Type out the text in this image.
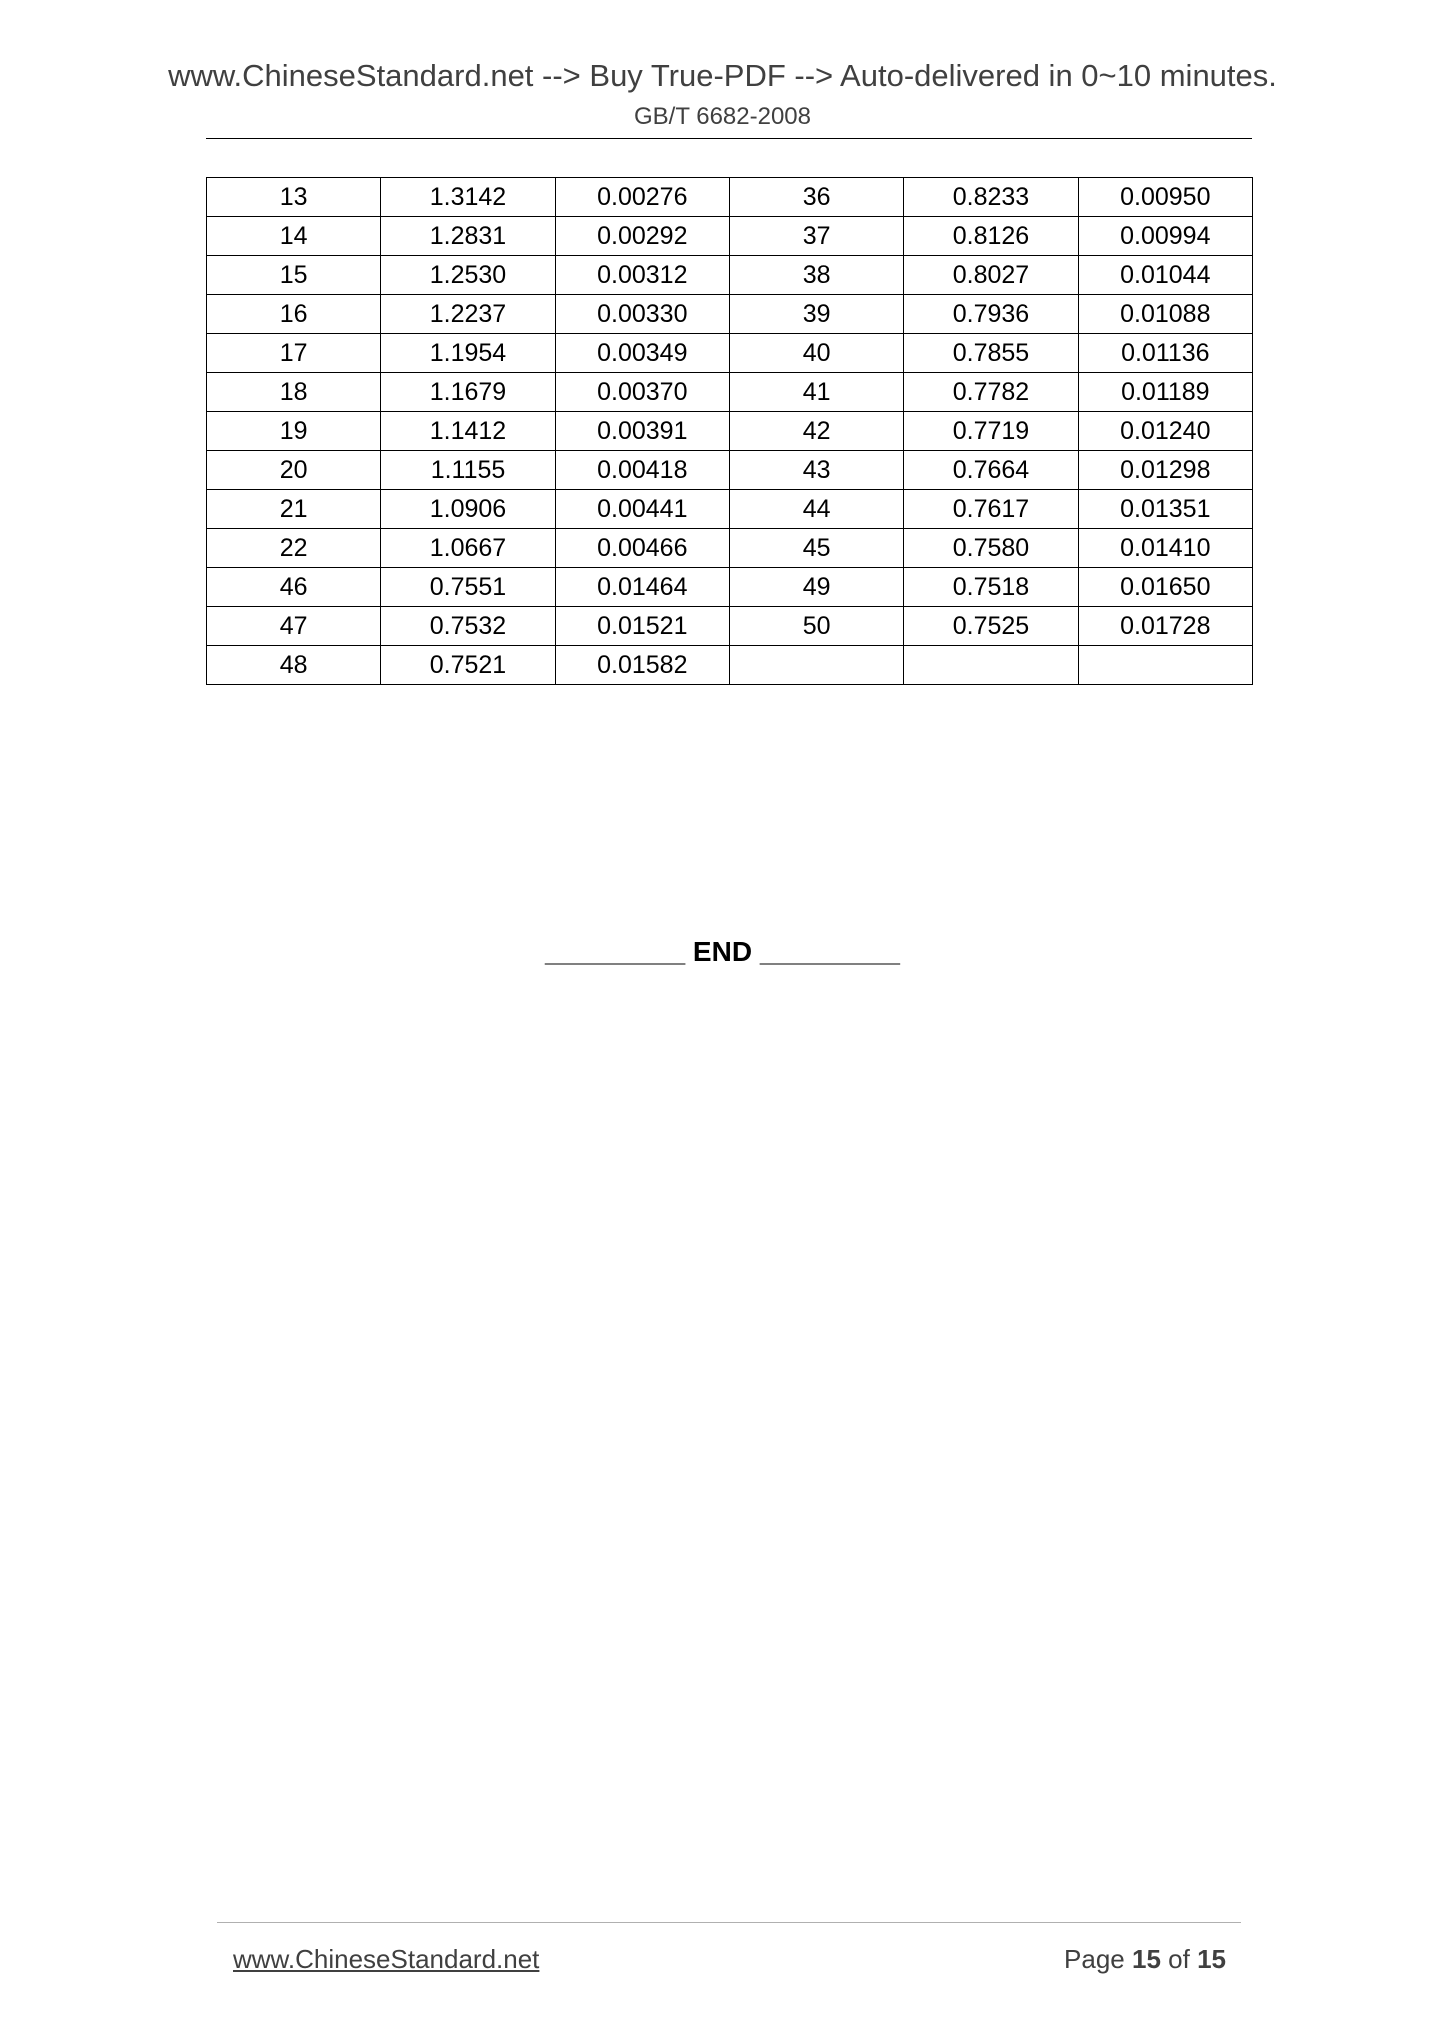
www.ChineseStandard.net --> Buy True-PDF --> Auto-delivered in 0~10 minutes.
GB/T 6682-2008
13	1.3142	0.00276	36	0.8233	0.00950
14	1.2831	0.00292	37	0.8126	0.00994
15	1.2530	0.00312	38	0.8027	0.01044
16	1.2237	0.00330	39	0.7936	0.01088
17	1.1954	0.00349	40	0.7855	0.01136
18	1.1679	0.00370	41	0.7782	0.01189
19	1.1412	0.00391	42	0.7719	0.01240
20	1.1155	0.00418	43	0.7664	0.01298
21	1.0906	0.00441	44	0.7617	0.01351
22	1.0667	0.00466	45	0.7580	0.01410
46	0.7551	0.01464	49	0.7518	0.01650
47	0.7532	0.01521	50	0.7525	0.01728
48	0.7521	0.01582			
_________ END _________
www.ChineseStandard.net	Page 15 of 15
